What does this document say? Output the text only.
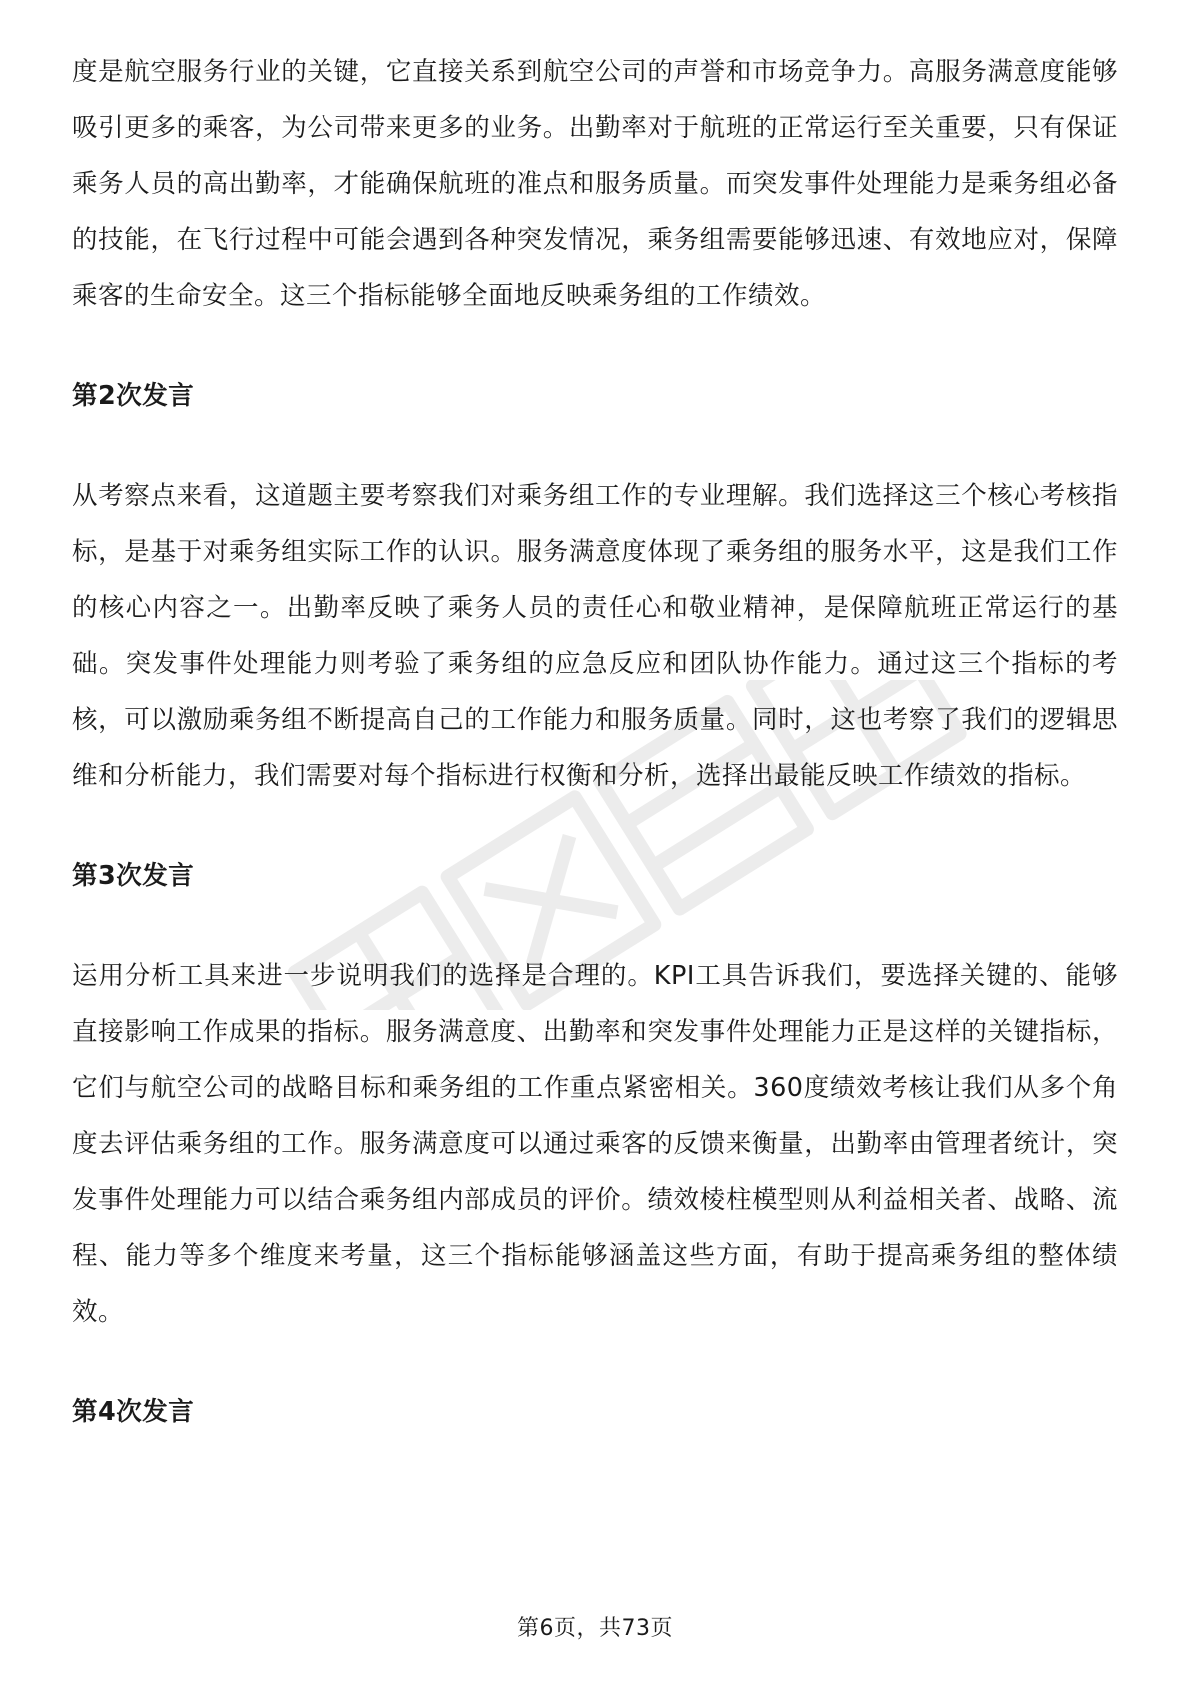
度是航空服务行业的关键，它直接关系到航空公司的声誉和市场竞争力。高服务满意度能够吸引更多的乘客，为公司带来更多的业务。出勤率对于航班的正常运行至关重要，只有保证乘务人员的高出勤率，才能确保航班的准点和服务质量。而突发事件处理能力是乘务组必备的技能，在飞行过程中可能会遇到各种突发情况，乘务组需要能够迅速、有效地应对，保障乘客的生命安全。这三个指标能够全面地反映乘务组的工作绩效。

第2次发言

从考察点来看，这道题主要考察我们对乘务组工作的专业理解。我们选择这三个核心考核指标，是基于对乘务组实际工作的认识。服务满意度体现了乘务组的服务水平，这是我们工作的核心内容之一。出勤率反映了乘务人员的责任心和敬业精神，是保障航班正常运行的基础。突发事件处理能力则考验了乘务组的应急反应和团队协作能力。通过这三个指标的考核，可以激励乘务组不断提高自己的工作能力和服务质量。同时，这也考察了我们的逻辑思维和分析能力，我们需要对每个指标进行权衡和分析，选择出最能反映工作绩效的指标。

第3次发言

运用分析工具来进一步说明我们的选择是合理的。KPI工具告诉我们，要选择关键的、能够直接影响工作成果的指标。服务满意度、出勤率和突发事件处理能力正是这样的关键指标，它们与航空公司的战略目标和乘务组的工作重点紧密相关。360度绩效考核让我们从多个角度去评估乘务组的工作。服务满意度可以通过乘客的反馈来衡量，出勤率由管理者统计，突发事件处理能力可以结合乘务组内部成员的评价。绩效棱柱模型则从利益相关者、战略、流程、能力等多个维度来考量，这三个指标能够涵盖这些方面，有助于提高乘务组的整体绩效。

第4次发言
第6页，共73页
